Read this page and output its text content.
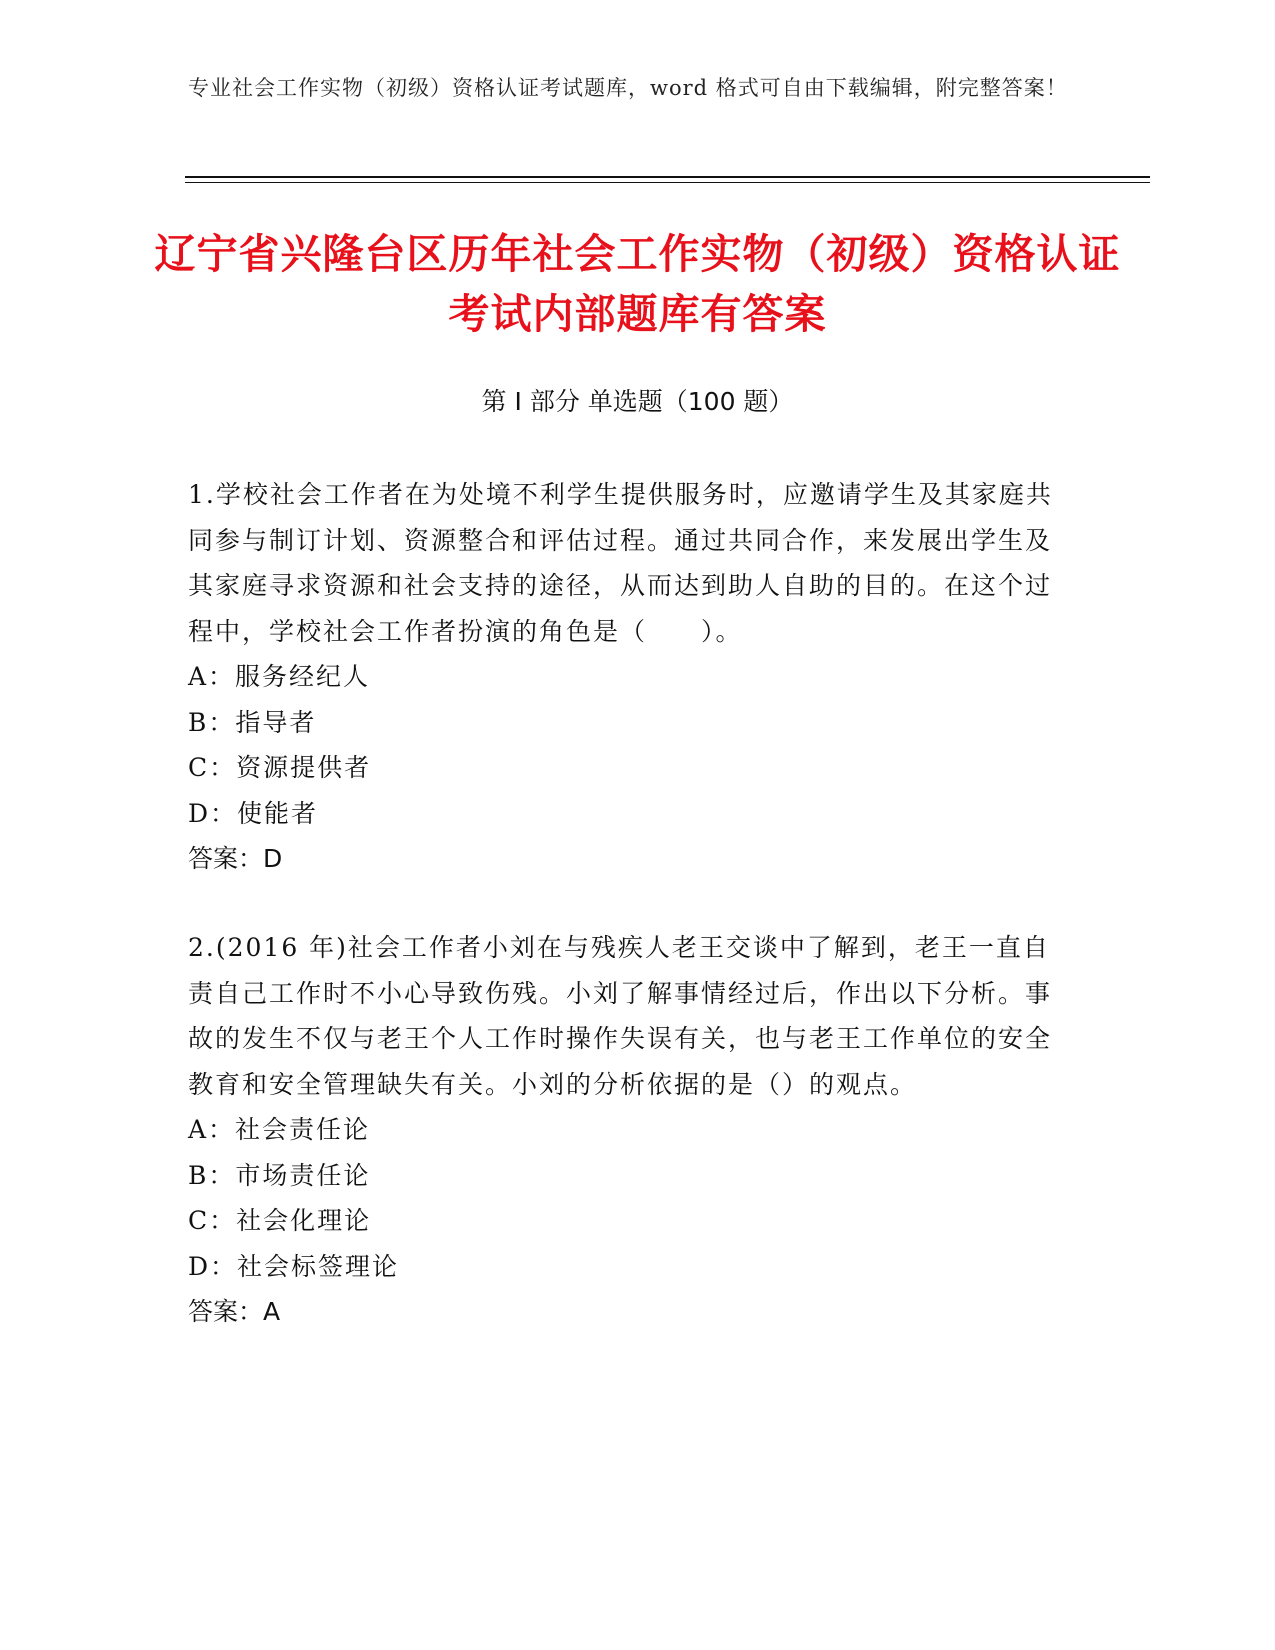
专业社会工作实物（初级）资格认证考试题库，word 格式可自由下载编辑，附完整答案！
辽宁省兴隆台区历年社会工作实物（初级）资格认证考试内部题库有答案
第 I 部分 单选题（100 题）

1.学校社会工作者在为处境不利学生提供服务时，应邀请学生及其家庭共同参与制订计划、资源整合和评估过程。通过共同合作，来发展出学生及其家庭寻求资源和社会支持的途径，从而达到助人自助的目的。在这个过程中，学校社会工作者扮演的角色是（　　）。

A：服务经纪人

B：指导者

C：资源提供者

D：使能者

答案：D

2.(2016 年)社会工作者小刘在与残疾人老王交谈中了解到，老王一直自责自己工作时不小心导致伤残。小刘了解事情经过后，作出以下分析。事故的发生不仅与老王个人工作时操作失误有关，也与老王工作单位的安全教育和安全管理缺失有关。小刘的分析依据的是（）的观点。

A：社会责任论

B：市场责任论

C：社会化理论

D：社会标签理论

答案：A
